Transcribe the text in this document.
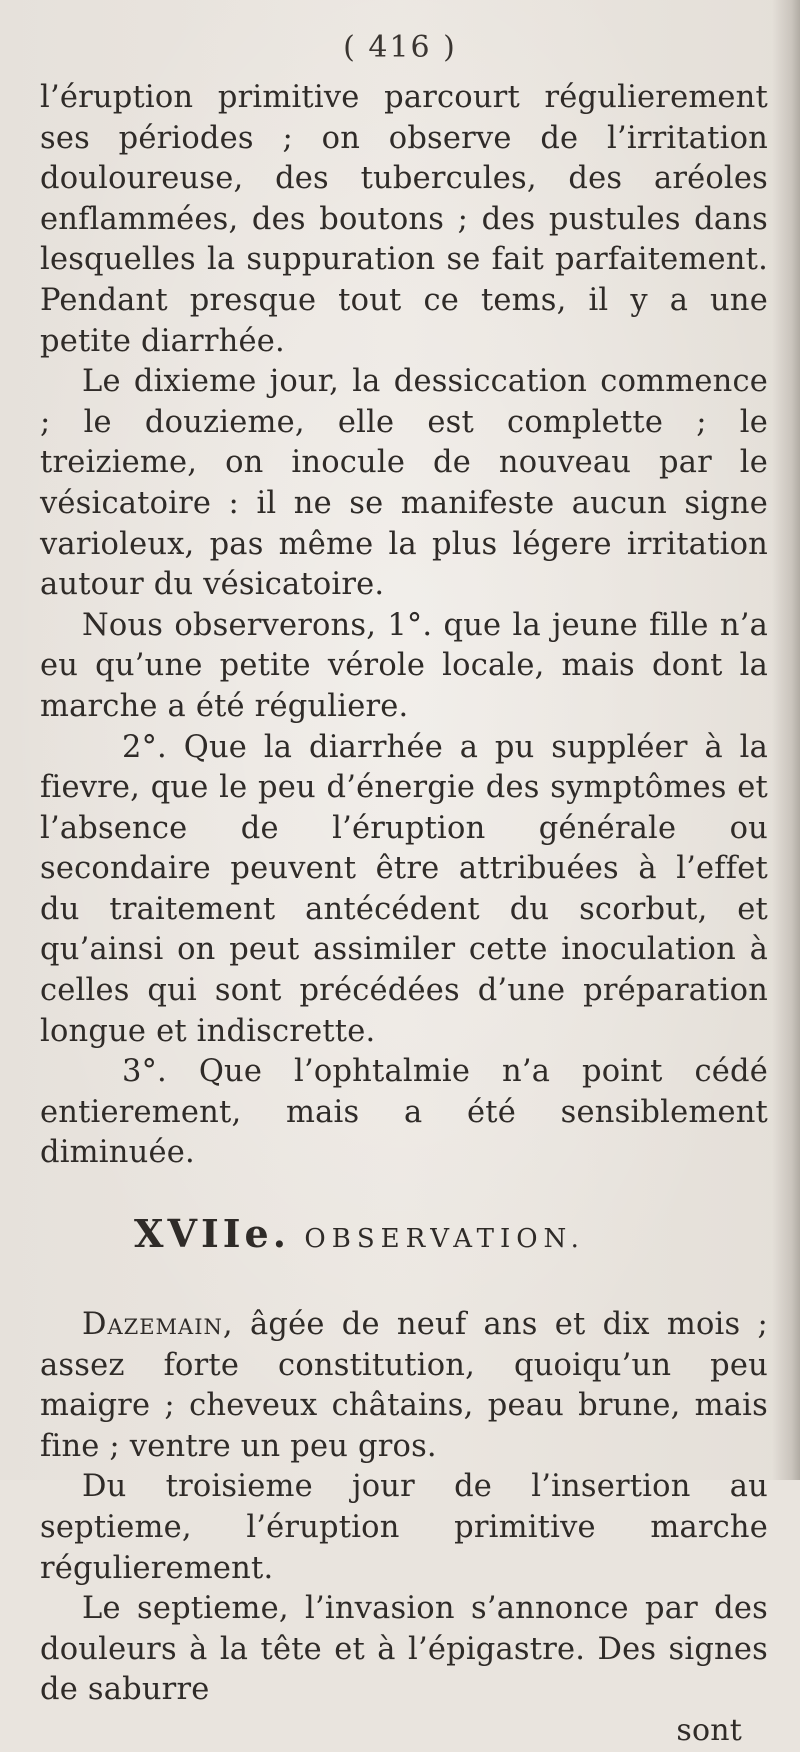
( 416 )

l’éruption primitive parcourt régulierement ses périodes ; on observe de l’irritation douloureuse, des tubercules, des aréoles enflammées, des boutons ; des pustules dans lesquelles la suppuration se fait parfaitement. Pendant presque tout ce tems, il y a une petite diarrhée.

Le dixieme jour, la dessiccation commence ; le douzieme, elle est complette ; le treizieme, on inocule de nouveau par le vésicatoire : il ne se manifeste aucun signe varioleux, pas même la plus légere irritation autour du vésicatoire.

Nous observerons, 1°. que la jeune fille n’a eu qu’une petite vérole locale, mais dont la marche a été réguliere.

2°. Que la diarrhée a pu suppléer à la fievre, que le peu d’énergie des symptômes et l’absence de l’éruption générale ou secondaire peuvent être attribuées à l’effet du traitement antécédent du scorbut, et qu’ainsi on peut assimiler cette inoculation à celles qui sont précédées d’une préparation longue et indiscrette.

3°. Que l’ophtalmie n’a point cédé entierement, mais a été sensiblement diminuée.

XVIIe. OBSERVATION.

Dazemain, âgée de neuf ans et dix mois ; assez forte constitution, quoiqu’un peu maigre ; cheveux châtains, peau brune, mais fine ; ventre un peu gros.

Du troisieme jour de l’insertion au septieme, l’éruption primitive marche régulierement.

Le septieme, l’invasion s’annonce par des douleurs à la tête et à l’épigastre. Des signes de saburre

sont
